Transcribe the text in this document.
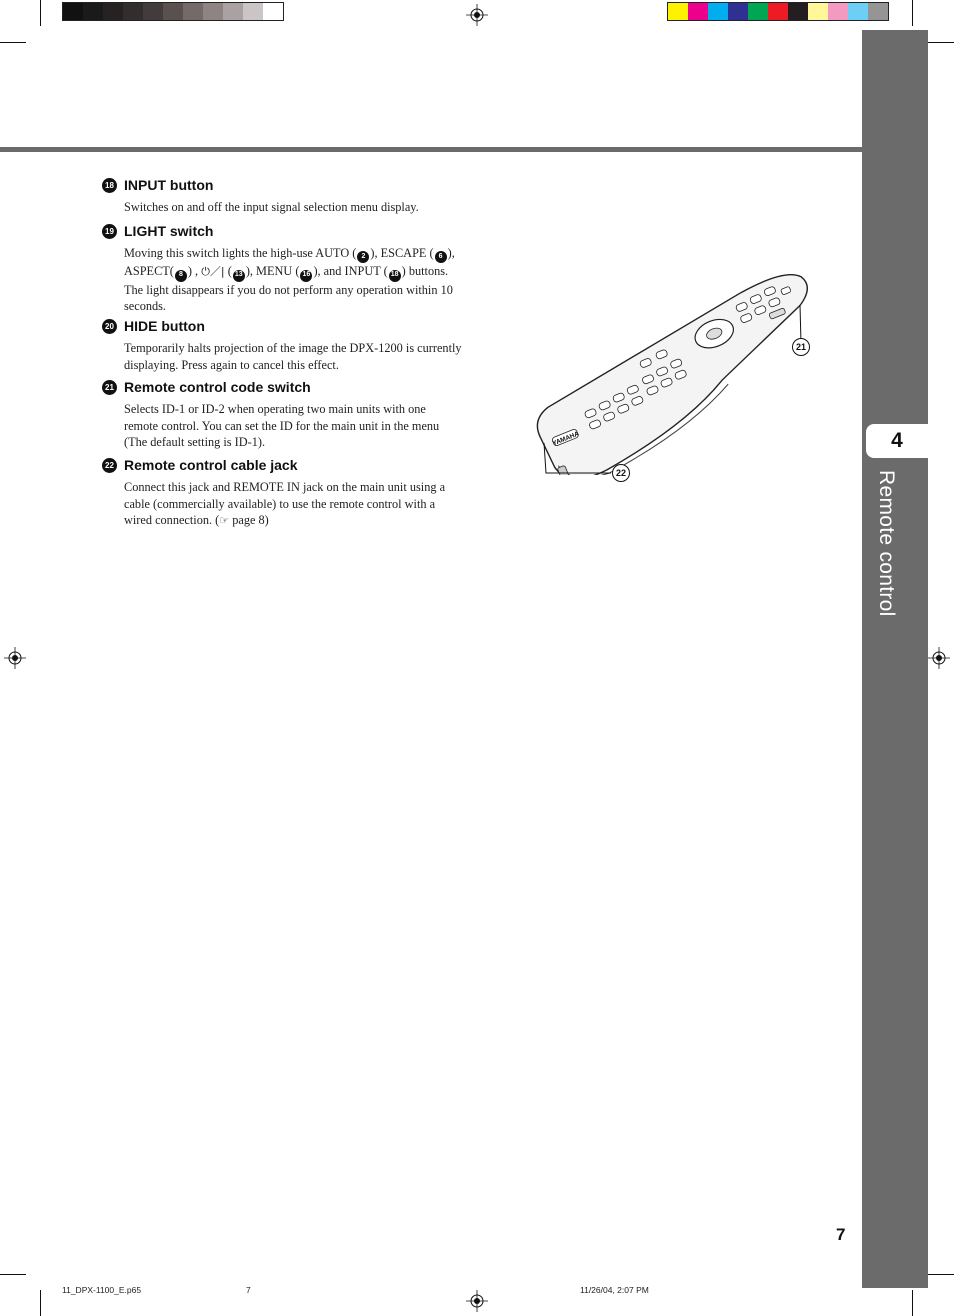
4
Remote control
18 INPUT button
Switches on and off the input signal selection menu display.
19 LIGHT switch
Moving this switch lights the high-use AUTO ( 2 ), ESCAPE ( 6 ), ASPECT( 8 ) , ⏻／| ( 13 ), MENU ( 16 ), and INPUT ( 18 ) buttons. The light disappears if you do not perform any operation within 10 seconds.
20 HIDE button
Temporarily halts projection of the image the DPX-1200 is currently displaying. Press again to cancel this effect.
21 Remote control code switch
Selects ID-1 or ID-2 when operating two main units with one remote control. You can set the ID for the main unit in the menu (The default setting is ID-1).
22 Remote control cable jack
Connect this jack and REMOTE IN jack on the main unit using a cable (commercially available) to use the remote control with a wired connection. (☞ page 8)
YAMAHA
21
22
7
11_DPX-1100_E.p65	7	11/26/04, 2:07 PM
